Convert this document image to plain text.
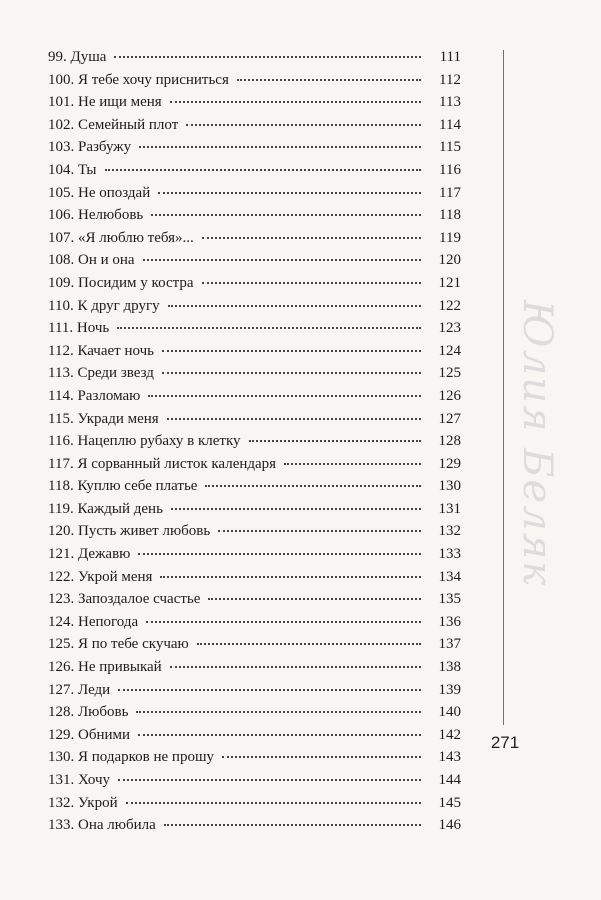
99. Душа	111
100. Я тебе хочу присниться	112
101. Не ищи меня	113
102. Семейный плот	114
103. Разбужу	115
104. Ты	116
105. Не опоздай	117
106. Нелюбовь	118
107. «Я люблю тебя»...	119
108. Он и она	120
109. Посидим у костра	121
110. К друг другу	122
111. Ночь	123
112. Качает ночь	124
113. Среди звезд	125
114. Разломаю	126
115. Укради меня	127
116. Нацеплю рубаху в клетку	128
117. Я сорванный листок календаря	129
118. Куплю себе платье	130
119. Каждый день	131
120. Пусть живет любовь	132
121. Дежавю	133
122. Укрой меня	134
123. Запоздалое счастье	135
124. Непогода	136
125. Я по тебе скучаю	137
126. Не привыкай	138
127. Леди	139
128. Любовь	140
129. Обними	142
130. Я подарков не прошу	143
131. Хочу	144
132. Укрой	145
133. Она любила	146
Юлия Беляк
271
